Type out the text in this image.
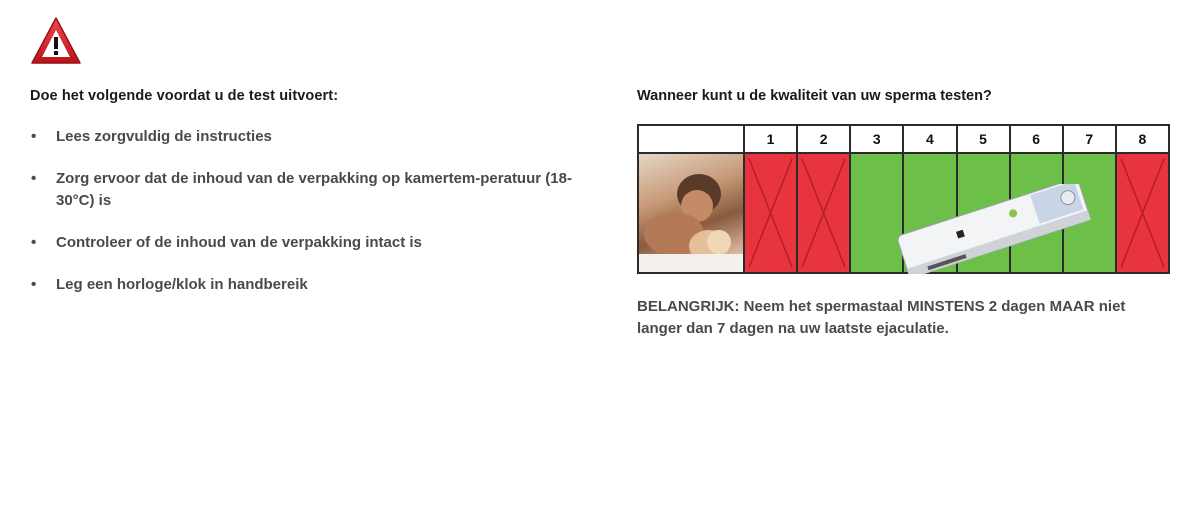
Doe het volgende voordat u de test uitvoert:
• Lees zorgvuldig de instructies
• Zorg ervoor dat de inhoud van de verpakking op kamertem-peratuur (18-30°C) is
• Controleer of de inhoud van de verpakking intact is
• Leg een horloge/klok in handbereik
Wanneer kunt u de kwaliteit van uw sperma testen?
1	2	3	4	5	6	7	8
BELANGRIJK: Neem het spermastaal MINSTENS 2 dagen MAAR niet langer dan 7 dagen na uw laatste ejaculatie.
